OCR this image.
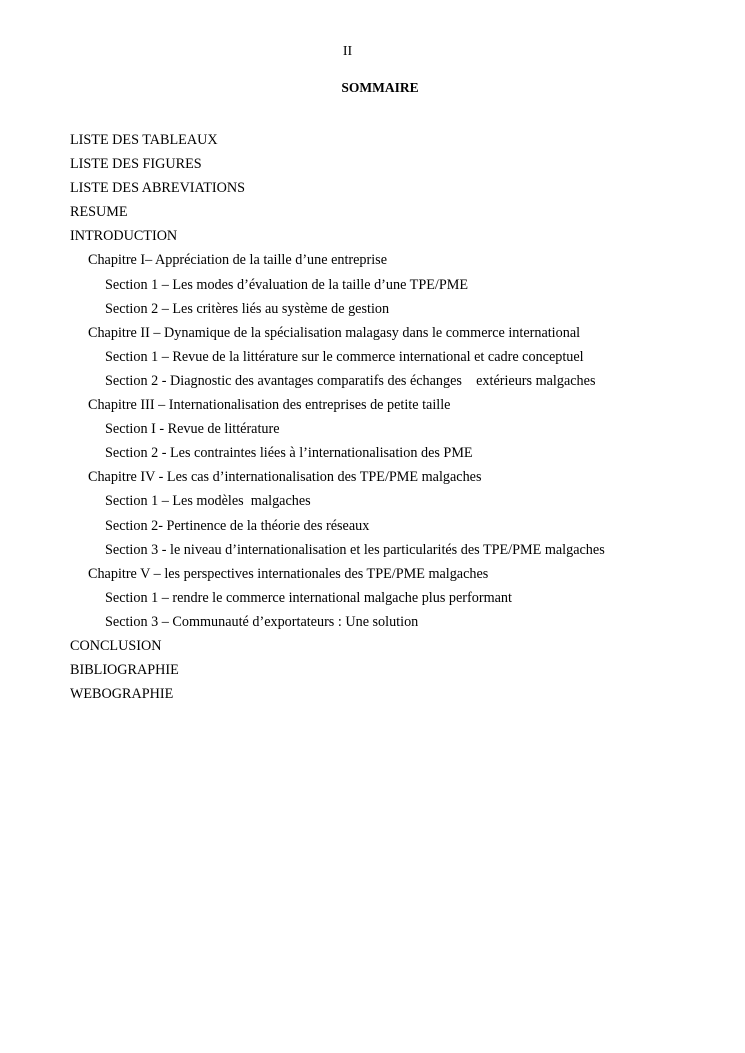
II
SOMMAIRE
LISTE DES TABLEAUX
LISTE DES FIGURES
LISTE DES ABREVIATIONS
RESUME
INTRODUCTION
Chapitre I– Appréciation de la taille d’une entreprise
Section 1 – Les modes d’évaluation de la taille d’une TPE/PME
Section 2 – Les critères liés au système de gestion
Chapitre II – Dynamique de la spécialisation malagasy dans le commerce international
Section 1 – Revue de la littérature sur le commerce international et cadre conceptuel
Section 2 - Diagnostic des avantages comparatifs des échanges    extérieurs malgaches
Chapitre III – Internationalisation des entreprises de petite taille
Section I - Revue de littérature
Section 2 - Les contraintes liées à l’internationalisation des PME
Chapitre IV - Les cas d’internationalisation des TPE/PME malgaches
Section 1 – Les modèles  malgaches
Section 2- Pertinence de la théorie des réseaux
Section 3 - le niveau d’internationalisation et les particularités des TPE/PME malgaches
Chapitre V – les perspectives internationales des TPE/PME malgaches
Section 1 – rendre le commerce international malgache plus performant
Section 3 – Communauté d’exportateurs : Une solution
CONCLUSION
BIBLIOGRAPHIE
WEBOGRAPHIE
